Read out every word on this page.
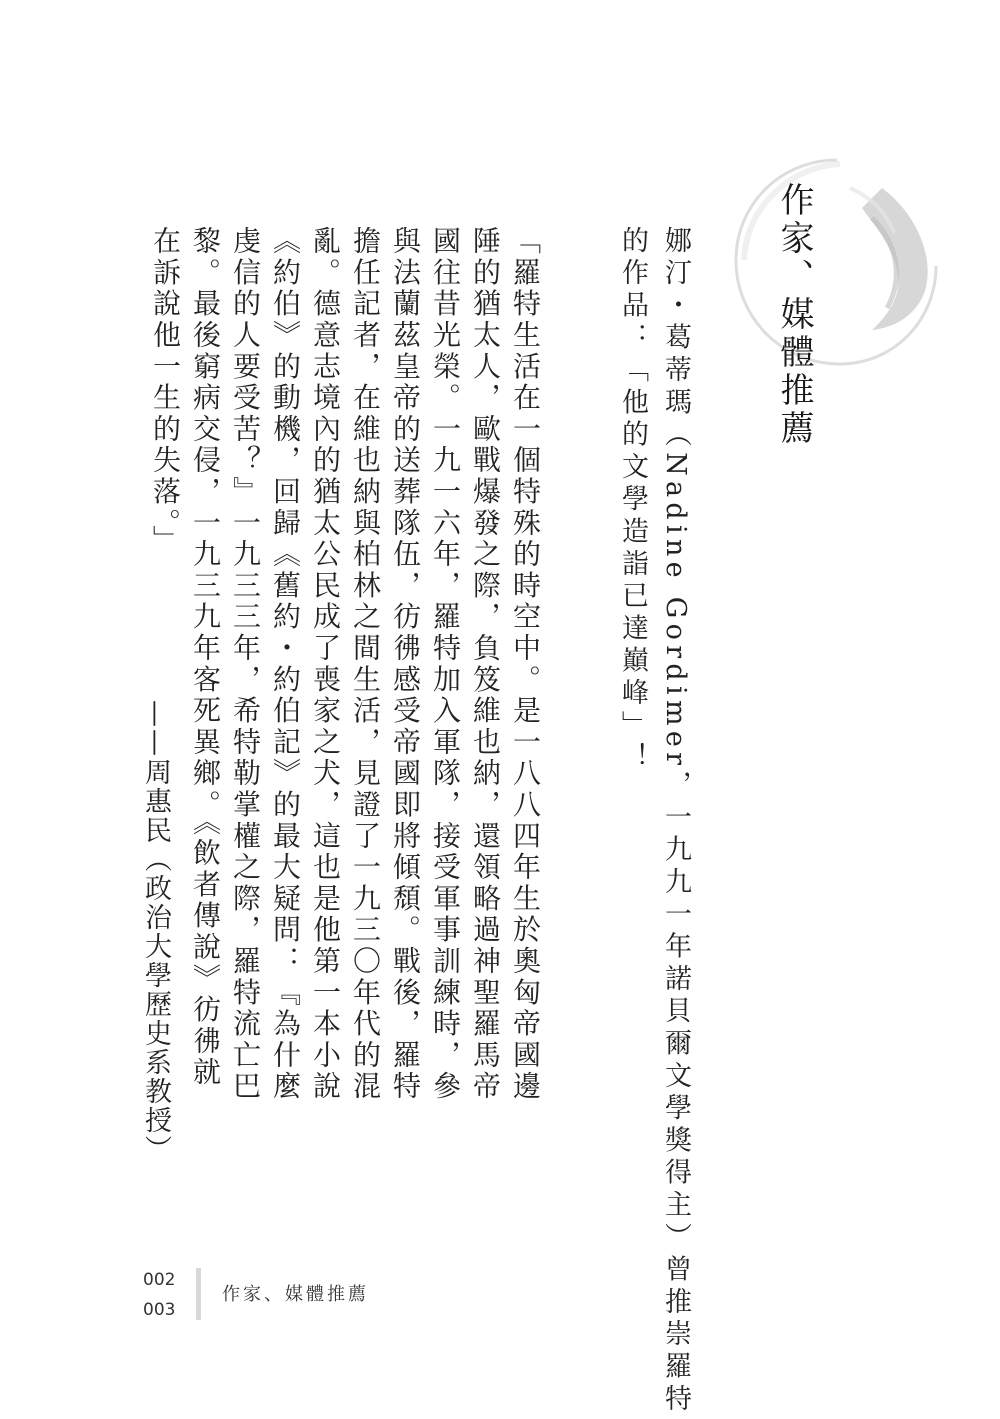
作家、媒體推薦
娜汀・葛蒂瑪（Nadine Gordimer，一九九一年諾貝爾文學獎得主）曾推崇羅特
的作品：「他的文學造詣已達巔峰」！
「羅特生活在一個特殊的時空中。是一八八四年生於奧匈帝國邊陲的猶太人，歐戰爆發之際，負笈維也納，還領略過神聖羅馬帝國往昔光榮。一九一六年，羅特加入軍隊，接受軍事訓練時，參與法蘭茲皇帝的送葬隊伍，彷彿感受帝國即將傾頹。戰後，羅特擔任記者，在維也納與柏林之間生活，見證了一九三〇年代的混亂。德意志境內的猶太公民成了喪家之犬，這也是他第一本小說《約伯》的動機，回歸《舊約・約伯記》的最大疑問：『為什麼虔信的人要受苦？』一九三三年，希特勒掌權之際，羅特流亡巴黎。最後窮病交侵，一九三九年客死異鄉。《飲者傳說》彷彿就在訴說他一生的失落。」
——周惠民（政治大學歷史系教授）
002
003
作家、媒體推薦
